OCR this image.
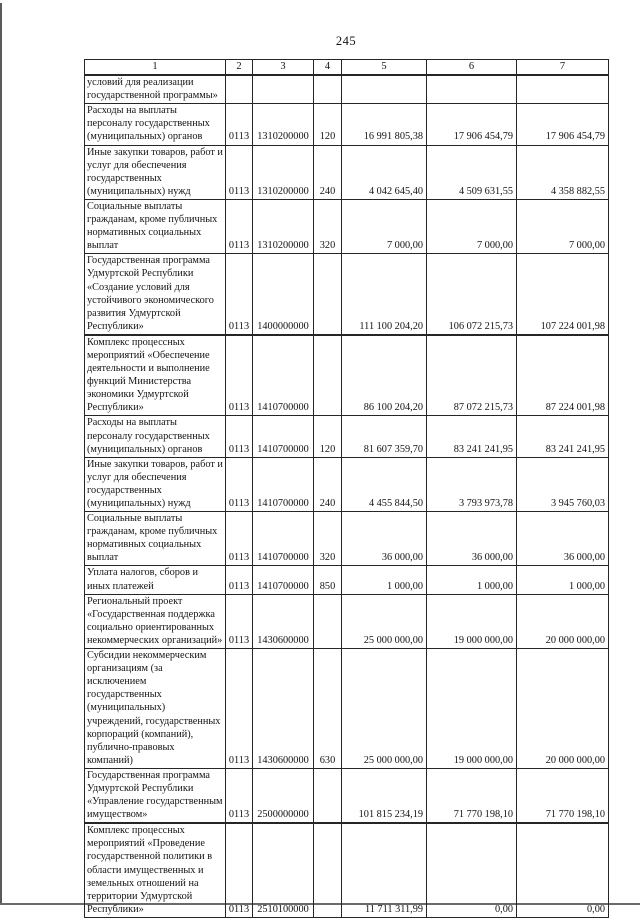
245
1	2	3	4	5	6	7
условий для реализации государственной программы»						
Расходы на выплаты персоналу государственных (муниципальных) органов	0113	1310200000	120	16 991 805,38	17 906 454,79	17 906 454,79
Иные закупки товаров, работ и услуг для обеспечения государственных (муниципальных) нужд	0113	1310200000	240	4 042 645,40	4 509 631,55	4 358 882,55
Социальные выплаты гражданам, кроме публичных нормативных социальных выплат	0113	1310200000	320	7 000,00	7 000,00	7 000,00
Государственная программа Удмуртской Республики «Создание условий для устойчивого экономического развития Удмуртской Республики»	0113	1400000000		111 100 204,20	106 072 215,73	107 224 001,98
Комплекс процессных мероприятий «Обеспечение деятельности и выполнение функций Министерства экономики Удмуртской Республики»	0113	1410700000		86 100 204,20	87 072 215,73	87 224 001,98
Расходы на выплаты персоналу государственных (муниципальных) органов	0113	1410700000	120	81 607 359,70	83 241 241,95	83 241 241,95
Иные закупки товаров, работ и услуг для обеспечения государственных (муниципальных) нужд	0113	1410700000	240	4 455 844,50	3 793 973,78	3 945 760,03
Социальные выплаты гражданам, кроме публичных нормативных социальных выплат	0113	1410700000	320	36 000,00	36 000,00	36 000,00
Уплата налогов, сборов и иных платежей	0113	1410700000	850	1 000,00	1 000,00	1 000,00
Региональный проект «Государственная поддержка социально ориентированных некоммерческих организаций»	0113	1430600000		25 000 000,00	19 000 000,00	20 000 000,00
Субсидии некоммерческим организациям (за исключением государственных (муниципальных) учреждений, государственных корпораций (компаний), публично-правовых компаний)	0113	1430600000	630	25 000 000,00	19 000 000,00	20 000 000,00
Государственная программа Удмуртской Республики «Управление государственным имуществом»	0113	2500000000		101 815 234,19	71 770 198,10	71 770 198,10
Комплекс процессных мероприятий «Проведение государственной политики в области имущественных и земельных отношений на территории Удмуртской Республики»	0113	2510100000		11 711 311,99	0,00	0,00
